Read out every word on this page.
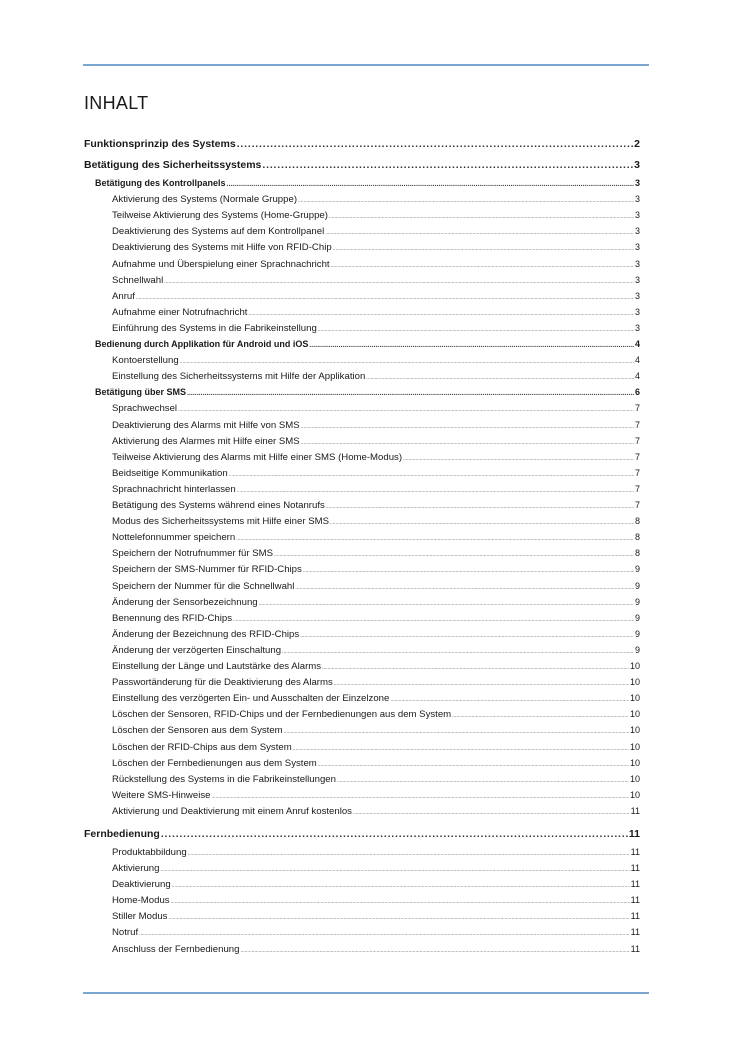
INHALT
Funktionsprinzip des Systems .....	2
Betätigung des Sicherheitssystems .....	3
Betätigung des Kontrollpanels .....	3
Aktivierung des Systems (Normale Gruppe) .....	3
Teilweise Aktivierung des Systems (Home-Gruppe) .....	3
Deaktivierung des Systems auf dem Kontrollpanel .....	3
Deaktivierung des Systems mit Hilfe von RFID-Chip .....	3
Aufnahme und Überspielung einer Sprachnachricht .....	3
Schnellwahl .....	3
Anruf .....	3
Aufnahme einer Notrufnachricht .....	3
Einführung des Systems in die Fabrikeinstellung .....	3
Bedienung durch Applikation für Android und iOS .....	4
Kontoerstellung .....	4
Einstellung des Sicherheitssystems mit Hilfe der Applikation .....	4
Betätigung über SMS .....	6
Sprachwechsel .....	7
Deaktivierung des Alarms mit Hilfe von SMS .....	7
Aktivierung des Alarmes mit Hilfe einer SMS .....	7
Teilweise Aktivierung des Alarms mit Hilfe einer SMS (Home-Modus) .....	7
Beidseitige Kommunikation .....	7
Sprachnachricht hinterlassen .....	7
Betätigung des Systems während eines Notanrufs .....	7
Modus des Sicherheitssystems mit Hilfe einer SMS .....	8
Nottelefonnummer speichern .....	8
Speichern der Notrufnummer für SMS .....	8
Speichern der SMS-Nummer für RFID-Chips .....	9
Speichern der Nummer für die Schnellwahl .....	9
Änderung der Sensorbezeichnung .....	9
Benennung des RFID-Chips .....	9
Änderung der Bezeichnung des RFID-Chips .....	9
Änderung der verzögerten Einschaltung .....	9
Einstellung der Länge und Lautstärke des Alarms .....	10
Passwortänderung für die Deaktivierung des Alarms .....	10
Einstellung des verzögerten Ein- und Ausschalten der Einzelzone .....	10
Löschen der Sensoren, RFID-Chips und der Fernbedienungen aus dem System .....	10
Löschen der Sensoren aus dem System .....	10
Löschen der RFID-Chips aus dem System .....	10
Löschen der Fernbedienungen aus dem System .....	10
Rückstellung des Systems in die Fabrikeinstellungen .....	10
Weitere SMS-Hinweise .....	10
Aktivierung und Deaktivierung mit einem Anruf kostenlos .....	11
Fernbedienung .....	11
Produktabbildung .....	11
Aktivierung .....	11
Deaktivierung .....	11
Home-Modus .....	11
Stiller Modus .....	11
Notruf .....	11
Anschluss der Fernbedienung .....	11
